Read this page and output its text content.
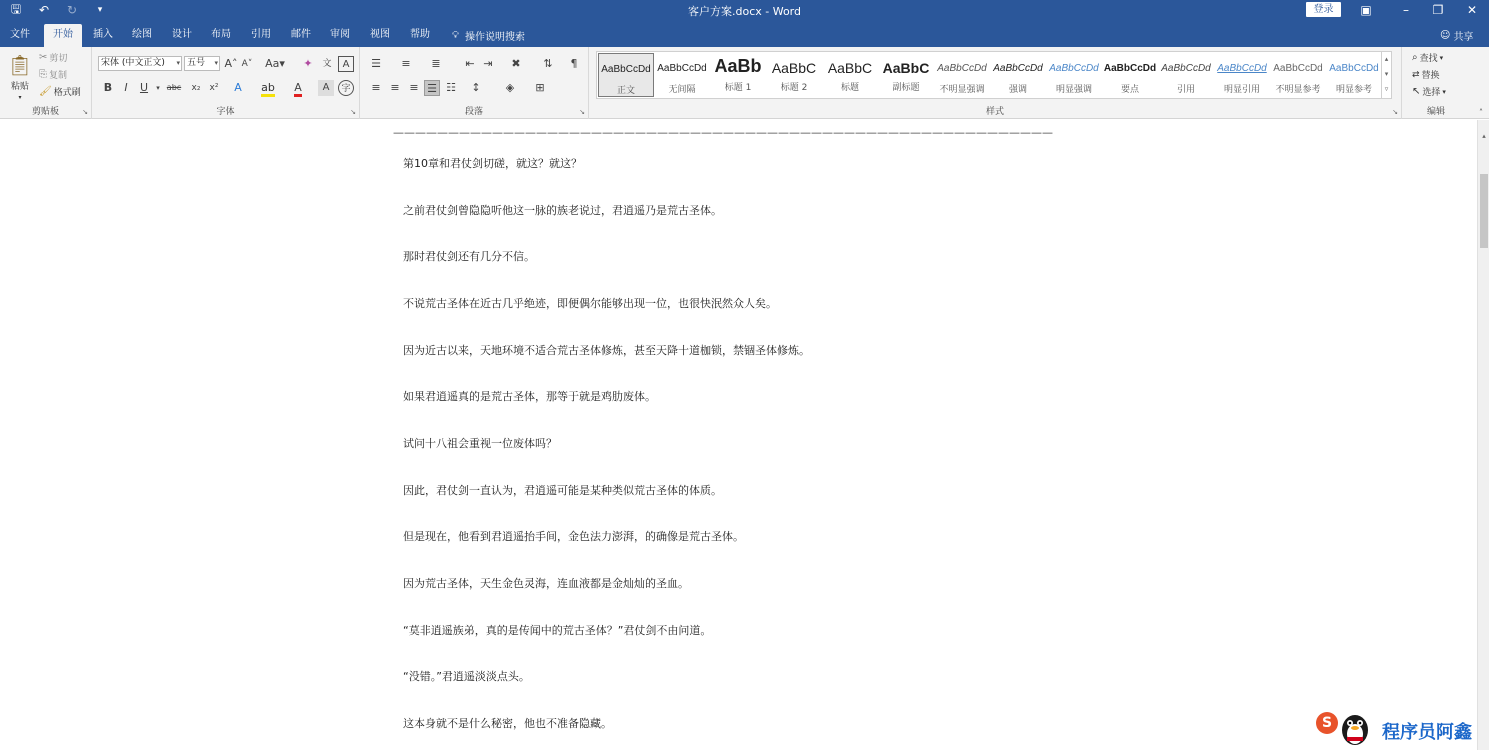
🖫 ↶ ↻	▾	客户方案.docx - Word	登录	▣	–	❐	✕
文件	开始	插入	绘图	设计	布局	引用	邮件	审阅	视图	帮助	💡︎ 操作说明搜索	☺ 共享
📋︎
粘贴
▾
✂ 剪切
⎘ 复制
🖌︎ 格式刷
剪贴板	↘
宋体 (中文正文) ▾ 五号 ▾ A˄ A˅ Aa▾	✦	文	A
B	I	U	▾ abc	x₂	x²	A	ab	A	A	字
字体	↘
☰	≡	≣	⇤ ⇥	✖	⇅	¶
≡ ≡ ≡ ☰ ☷	↕	◈	⊞
段落	↘	样式	↘
AaBbCcDd
正文
AaBbCcDd
无间隔
AaBb
标题 1
AaBbC
标题 2
AaBbC
标题
AaBbC
副标题
AaBbCcDd
不明显强调
AaBbCcDd
强调
AaBbCcDd
明显强调
AaBbCcDd
要点
AaBbCcDd
引用
AaBbCcDd
明显引用
AaBbCcDd
不明显参考
AaBbCcDd
明显参考
▴
▾
▿
⌕ 查找 ▾
⇄ 替换
↖ 选择 ▾
编辑	˄
————————————————————————————————————————————————————————————
第10章和君仗剑切磋，就这？就这？
之前君仗剑曾隐隐听他这一脉的族老说过，君逍遥乃是荒古圣体。
那时君仗剑还有几分不信。
不说荒古圣体在近古几乎绝迹，即便偶尔能够出现一位，也很快泯然众人矣。
因为近古以来，天地环境不适合荒古圣体修炼，甚至天降十道枷锁，禁锢圣体修炼。
如果君逍遥真的是荒古圣体，那等于就是鸡肋废体。
试问十八祖会重视一位废体吗？
因此，君仗剑一直认为，君逍遥可能是某种类似荒古圣体的体质。
但是现在，他看到君逍遥抬手间，金色法力澎湃，的确像是荒古圣体。
因为荒古圣体，天生金色灵海，连血液都是金灿灿的圣血。
“莫非逍遥族弟，真的是传闻中的荒古圣体？”君仗剑不由问道。
“没错。”君逍遥淡淡点头。
这本身就不是什么秘密，他也不准备隐藏。
▴
S	程序员阿鑫
